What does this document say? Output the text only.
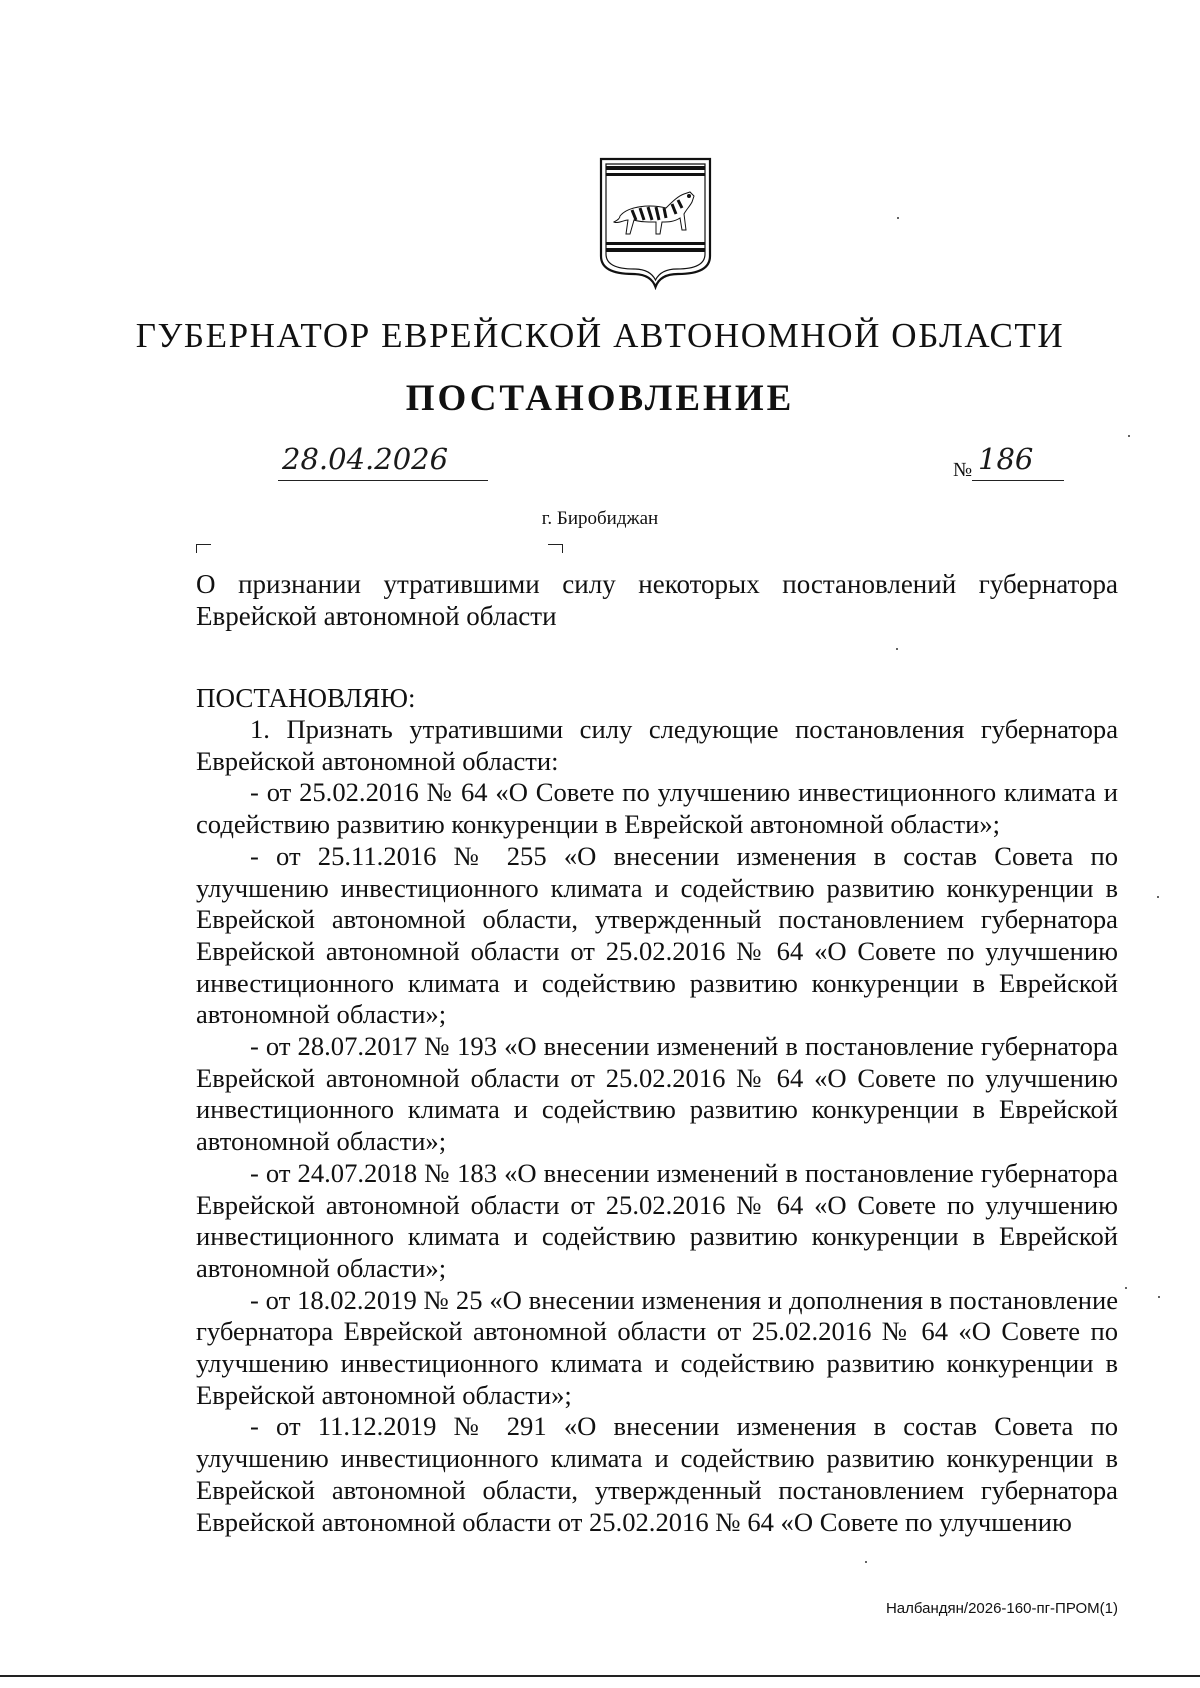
ГУБЕРНАТОР ЕВРЕЙСКОЙ АВТОНОМНОЙ ОБЛАСТИ
ПОСТАНОВЛЕНИЕ
28.04.2026	№ 186
г. Биробиджан
О признании утратившими силу некоторых постановлений губернатора Еврейской автономной области
ПОСТАНОВЛЯЮ:

1. Признать утратившими силу следующие постановления губернатора Еврейской автономной области:

- от 25.02.2016 № 64 «О Совете по улучшению инвестиционного климата и содействию развитию конкуренции в Еврейской автономной области»;

- от 25.11.2016 № 255 «О внесении изменения в состав Совета по улучшению инвестиционного климата и содействию развитию конкуренции в Еврейской автономной области, утвержденный постановлением губернатора Еврейской автономной области от 25.02.2016 № 64 «О Совете по улучшению инвестиционного климата и содействию развитию конкуренции в Еврейской автономной области»;

- от 28.07.2017 № 193 «О внесении изменений в постановление губернатора Еврейской автономной области от 25.02.2016 № 64 «О Совете по улучшению инвестиционного климата и содействию развитию конкуренции в Еврейской автономной области»;

- от 24.07.2018 № 183 «О внесении изменений в постановление губернатора Еврейской автономной области от 25.02.2016 № 64 «О Совете по улучшению инвестиционного климата и содействию развитию конкуренции в Еврейской автономной области»;

- от 18.02.2019 № 25 «О внесении изменения и дополнения в постановление губернатора Еврейской автономной области от 25.02.2016 № 64 «О Совете по улучшению инвестиционного климата и содействию развитию конкуренции в Еврейской автономной области»;

- от 11.12.2019 № 291 «О внесении изменения в состав Совета по улучшению инвестиционного климата и содействию развитию конкуренции в Еврейской автономной области, утвержденный постановлением губернатора Еврейской автономной области от 25.02.2016 № 64 «О Совете по улучшению

Налбандян/2026-160-пг-ПРОМ(1)
